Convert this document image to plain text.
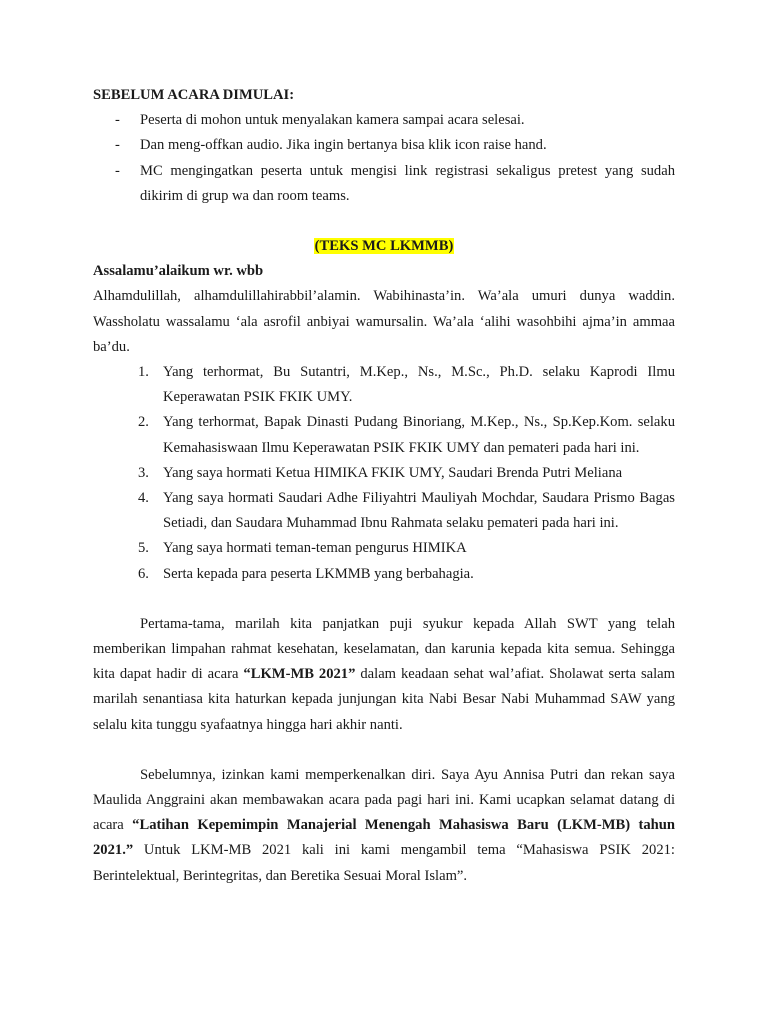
SEBELUM ACARA DIMULAI:

- Peserta di mohon untuk menyalakan kamera sampai acara selesai.
- Dan meng-offkan audio. Jika ingin bertanya bisa klik icon raise hand.
- MC mengingatkan peserta untuk mengisi link registrasi sekaligus pretest yang sudah dikirim di grup wa dan room teams.
(TEKS MC LKMMB)

Assalamu’alaikum wr. wbb

Alhamdulillah, alhamdulillahirabbil’alamin. Wabihinasta’in. Wa’ala umuri dunya waddin. Wassholatu wassalamu ‘ala asrofil anbiyai wamursalin. Wa’ala ‘alihi wasohbihi ajma’in ammaa ba’du.

1. Yang terhormat, Bu Sutantri, M.Kep., Ns., M.Sc., Ph.D. selaku Kaprodi Ilmu Keperawatan PSIK FKIK UMY.
2. Yang terhormat, Bapak Dinasti Pudang Binoriang, M.Kep., Ns., Sp.Kep.Kom. selaku Kemahasiswaan Ilmu Keperawatan PSIK FKIK UMY dan pemateri pada hari ini.
3. Yang saya hormati Ketua HIMIKA FKIK UMY, Saudari Brenda Putri Meliana
4. Yang saya hormati Saudari Adhe Filiyahtri Mauliyah Mochdar, Saudara Prismo Bagas Setiadi, dan Saudara Muhammad Ibnu Rahmata selaku pemateri pada hari ini.
5. Yang saya hormati teman-teman pengurus HIMIKA
6. Serta kepada para peserta LKMMB yang berbahagia.

Pertama-tama, marilah kita panjatkan puji syukur kepada Allah SWT yang telah memberikan limpahan rahmat kesehatan, keselamatan, dan karunia kepada kita semua. Sehingga kita dapat hadir di acara “LKM-MB 2021” dalam keadaan sehat wal’afiat. Sholawat serta salam marilah senantiasa kita haturkan kepada junjungan kita Nabi Besar Nabi Muhammad SAW yang selalu kita tunggu syafaatnya hingga hari akhir nanti.

Sebelumnya, izinkan kami memperkenalkan diri. Saya Ayu Annisa Putri dan rekan saya Maulida Anggraini akan membawakan acara pada pagi hari ini. Kami ucapkan selamat datang di acara “Latihan Kepemimpin Manajerial Menengah Mahasiswa Baru (LKM-MB) tahun 2021.” Untuk LKM-MB 2021 kali ini kami mengambil tema “Mahasiswa PSIK 2021: Berintelektual, Berintegritas, dan Beretika Sesuai Moral Islam”.
